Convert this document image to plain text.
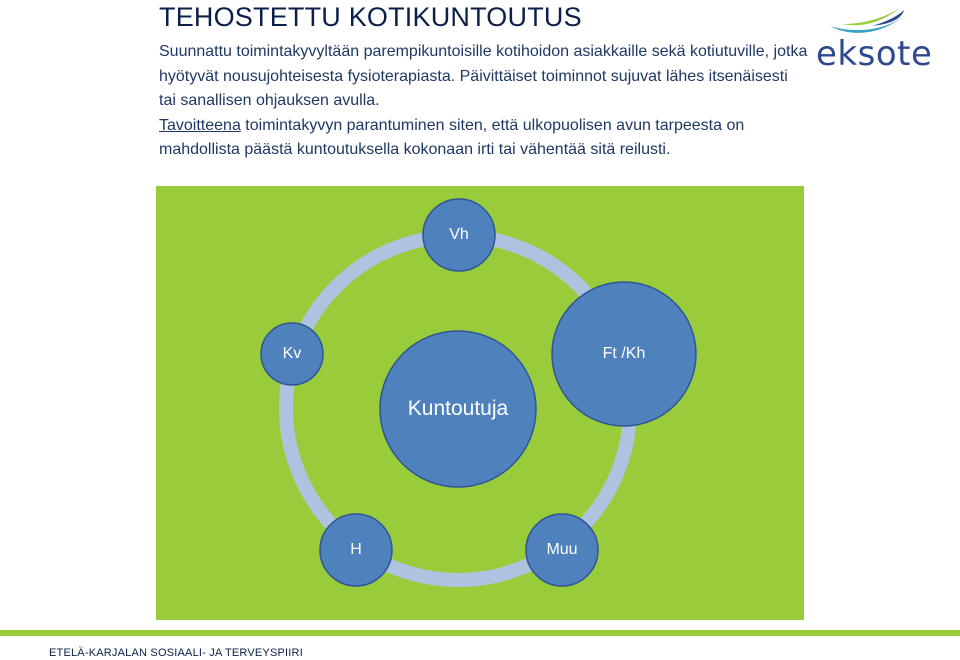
TEHOSTETTU KOTIKUNTOUTUS
Suunnattu toimintakyvyltään parempikuntoisille kotihoidon asiakkaille sekä kotiutuville, jotka hyötyvät nousujohteisesta fysioterapiasta. Päivittäiset toiminnot sujuvat lähes itsenäisesti tai sanallisen ohjauksen avulla.
Tavoitteena toimintakyvyn parantuminen siten, että ulkopuolisen avun tarpeesta on mahdollista päästä kuntoutuksella kokonaan irti tai vähentää sitä reilusti.
eksote
Kuntoutuja
Vh
Ft /Kh
Muu
H
Kv
ETELÄ-KARJALAN SOSIAALI- JA TERVEYSPIIRI
